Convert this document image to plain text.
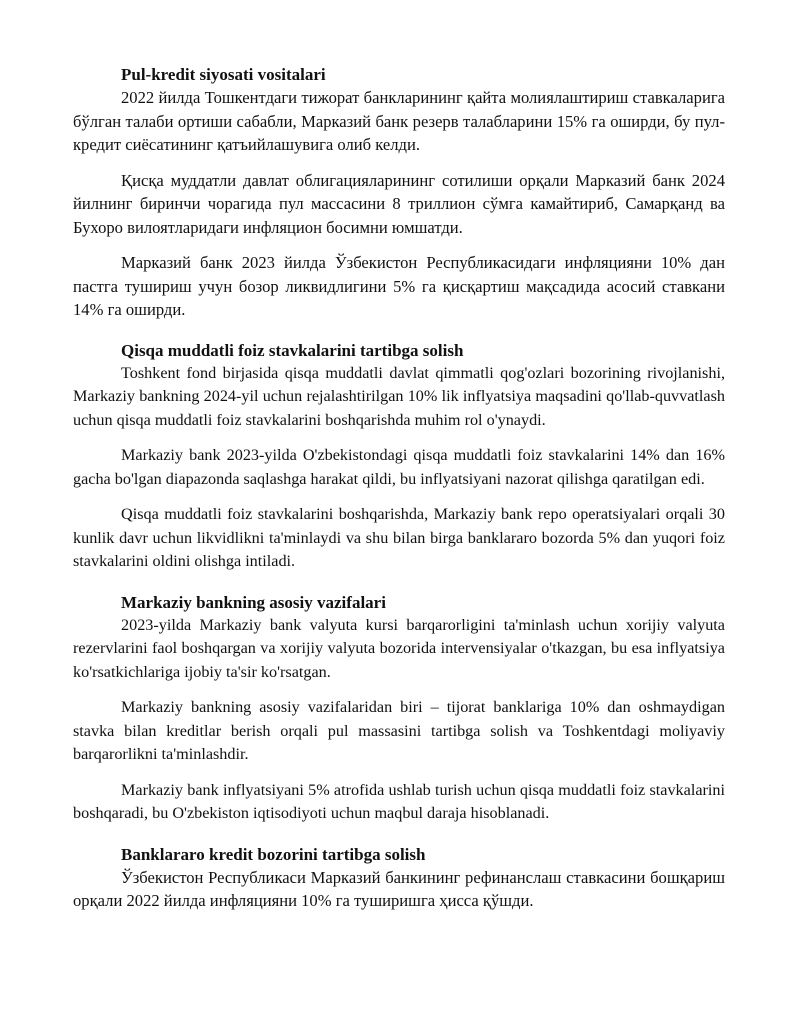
Pul-kredit siyosati vositalari

2022 йилда Тошкентдаги тижорат банкларининг қайта молиялаштириш ставкаларига бўлган талаби ортиши сабабли, Марказий банк резерв талабларини 15% га оширди, бу пул-кредит сиёсатининг қатъийлашувига олиб келди.

Қисқа муддатли давлат облигацияларининг сотилиши орқали Марказий банк 2024 йилнинг биринчи чорагида пул массасини 8 триллион сўмга камайтириб, Самарқанд ва Бухоро вилоятларидаги инфляцион босимни юмшатди.

Марказий банк 2023 йилда Ўзбекистон Республикасидаги инфляцияни 10% дан пастга тушириш учун бозор ликвидлигини 5% га қисқартиш мақсадида асосий ставкани 14% га оширди.

Qisqa muddatli foiz stavkalarini tartibga solish

Toshkent fond birjasida qisqa muddatli davlat qimmatli qog'ozlari bozorining rivojlanishi, Markaziy bankning 2024-yil uchun rejalashtirilgan 10% lik inflyatsiya maqsadini qo'llab-quvvatlash uchun qisqa muddatli foiz stavkalarini boshqarishda muhim rol o'ynaydi.

Markaziy bank 2023-yilda O'zbekistondagi qisqa muddatli foiz stavkalarini 14% dan 16% gacha bo'lgan diapazonda saqlashga harakat qildi, bu inflyatsiyani nazorat qilishga qaratilgan edi.

Qisqa muddatli foiz stavkalarini boshqarishda, Markaziy bank repo operatsiyalari orqali 30 kunlik davr uchun likvidlikni ta'minlaydi va shu bilan birga banklararo bozorda 5% dan yuqori foiz stavkalarini oldini olishga intiladi.

Markaziy bankning asosiy vazifalari

2023-yilda Markaziy bank valyuta kursi barqarorligini ta'minlash uchun xorijiy valyuta rezervlarini faol boshqargan va xorijiy valyuta bozorida intervensiyalar o'tkazgan, bu esa inflyatsiya ko'rsatkichlariga ijobiy ta'sir ko'rsatgan.

Markaziy bankning asosiy vazifalaridan biri – tijorat banklariga 10% dan oshmaydigan stavka bilan kreditlar berish orqali pul massasini tartibga solish va Toshkentdagi moliyaviy barqarorlikni ta'minlashdir.

Markaziy bank inflyatsiyani 5% atrofida ushlab turish uchun qisqa muddatli foiz stavkalarini boshqaradi, bu O'zbekiston iqtisodiyoti uchun maqbul daraja hisoblanadi.

Banklararo kredit bozorini tartibga solish

Ўзбекистон Республикаси Марказий банкининг рефинанслаш ставкасини бошқариш орқали 2022 йилда инфляцияни 10% га туширишга ҳисса қўшди.
